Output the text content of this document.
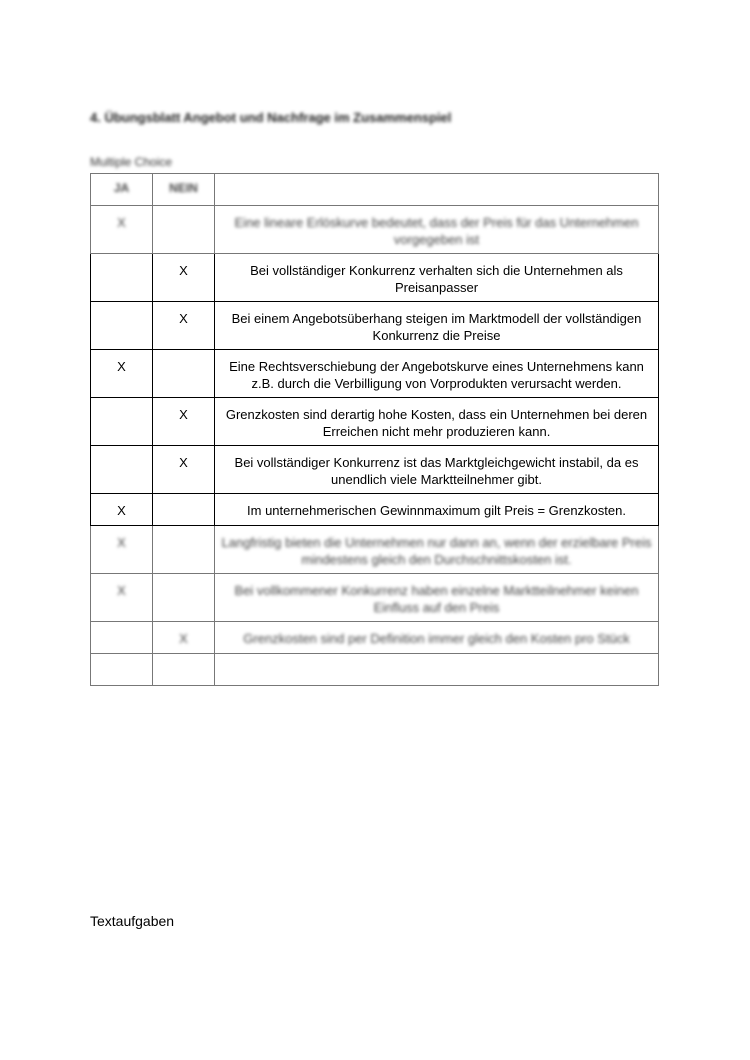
4. Übungsblatt Angebot und Nachfrage im Zusammenspiel
Multiple Choice
JA	NEIN	
X		Eine lineare Erlöskurve bedeutet, dass der Preis für das Unternehmen vorgegeben ist
	X	Bei vollständiger Konkurrenz verhalten sich die Unternehmen als Preisanpasser
	X	Bei einem Angebotsüberhang steigen im Marktmodell der vollständigen Konkurrenz die Preise
X		Eine Rechtsverschiebung der Angebotskurve eines Unternehmens kann z.B. durch die Verbilligung von Vorprodukten verursacht werden.
	X	Grenzkosten sind derartig hohe Kosten, dass ein Unternehmen bei deren Erreichen nicht mehr produzieren kann.
	X	Bei vollständiger Konkurrenz ist das Marktgleichgewicht instabil, da es unendlich viele Marktteilnehmer gibt.
X		Im unternehmerischen Gewinnmaximum gilt Preis = Grenzkosten.
X		Langfristig bieten die Unternehmen nur dann an, wenn der erzielbare Preis mindestens gleich den Durchschnittskosten ist.
X		Bei vollkommener Konkurrenz haben einzelne Marktteilnehmer keinen Einfluss auf den Preis
	X	Grenzkosten sind per Definition immer gleich den Kosten pro Stück

Textaufgaben
